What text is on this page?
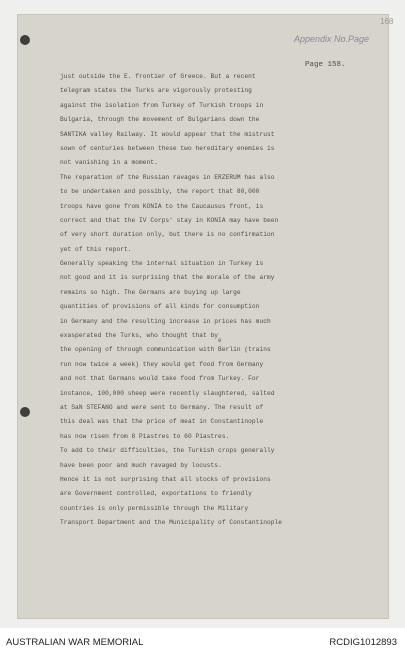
168
Appendix No.Page
Page 158.
just outside the E. frontier of Greece. But a recent
telegram states the Turks are vigorously protesting
against the isolation from Turkey of Turkish troops in
Bulgaria, through the movement of Bulgarians down the
SANTIKA valley Railway. It would appear that the mistrust
sown of centuries between these two hereditary enemies is
not vanishing in a moment.
The reparation of the Russian ravages in ERZERUM has also
to be undertaken and possibly, the report that 80,000
troops have gone from KONIA to the Caucausus front, is
correct and that the IV Corps' stay in KONIA may have been
of very short duration only, but there is no confirmation
yet of this report.
Generally speaking the internal situation in Turkey is
not good and it is surprising that the morale of the army
remains so high. The Germans are buying up large
quantities of provisions of all kinds for consumption
in Germany and the resulting increase in prices has much
exasperated the Turks, who thought that by
the opening of through communication with Berlin (trains
run now twice a week) they would get food from Germany
and not that Germans would take food from Turkey. For
instance, 100,000 sheep were recently slaughtered, salted
at SaN STEFANO and were sent to Germany. The result of
this deal was that the price of meat in Constantinople
has now risen from 8 Piastres to 60 Piastres.
To add to their difficulties, the Turkish crops generally
have been poor and much ravaged by locusts.
Hence it is not surprising that all stocks of provisions
are Government controlled, exportations to friendly
countries is only permissible through the Military
Transport Department and the Municipality of Constantinople
e
AUSTRALIAN WAR MEMORIAL	RCDIG1012893
